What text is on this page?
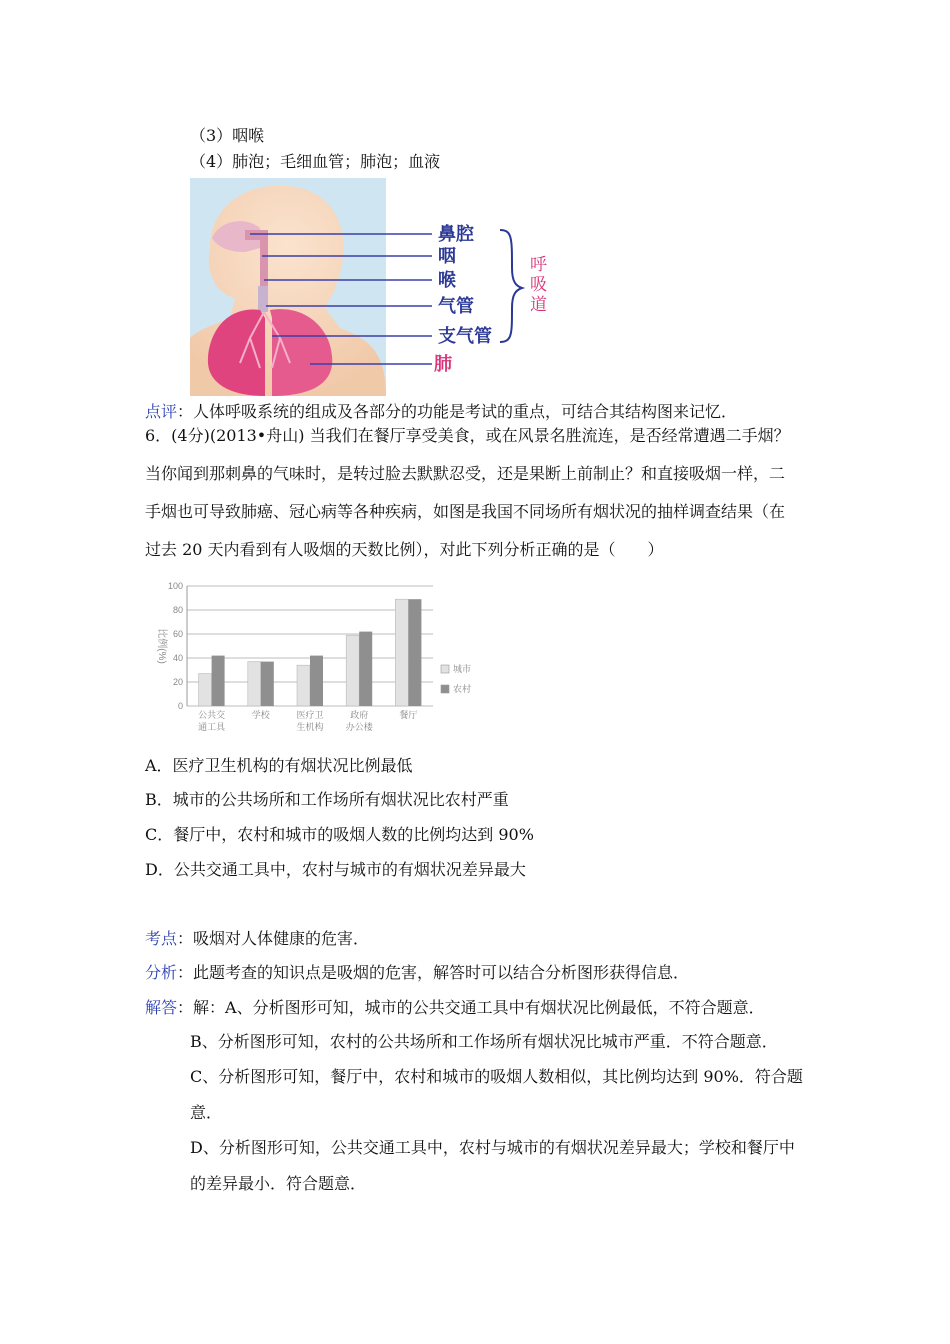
（3）咽喉
（4）肺泡；毛细血管；肺泡；血液
鼻腔
咽
喉
气管
支气管
肺
呼
吸
道
点评：人体呼吸系统的组成及各部分的功能是考试的重点，可结合其结构图来记忆．
6．(4分)(2013•舟山) 当我们在餐厅享受美食，或在风景名胜流连，是否经常遭遇二手烟？
当你闻到那刺鼻的气味时，是转过脸去默默忍受，还是果断上前制止？和直接吸烟一样，二
手烟也可导致肺癌、冠心病等各种疾病，如图是我国不同场所有烟状况的抽样调查结果（在
过去 20 天内看到有人吸烟的天数比例），对此下列分析正确的是（　　）
0
20
40
60
80
100
比例(%)
公共交
通工具
学校	医疗卫
生机构
政府
办公楼
餐厅
城市
农村
A．医疗卫生机构的有烟状况比例最低
B．城市的公共场所和工作场所有烟状况比农村严重
C．餐厅中，农村和城市的吸烟人数的比例均达到 90%
D．公共交通工具中，农村与城市的有烟状况差异最大
考点：吸烟对人体健康的危害．
分析：此题考查的知识点是吸烟的危害，解答时可以结合分析图形获得信息．
解答：解：A、分析图形可知，城市的公共交通工具中有烟状况比例最低，不符合题意．
B、分析图形可知，农村的公共场所和工作场所有烟状况比城市严重．不符合题意．
C、分析图形可知，餐厅中，农村和城市的吸烟人数相似，其比例均达到 90%．符合题
意．
D、分析图形可知，公共交通工具中，农村与城市的有烟状况差异最大；学校和餐厅中
的差异最小．符合题意．
